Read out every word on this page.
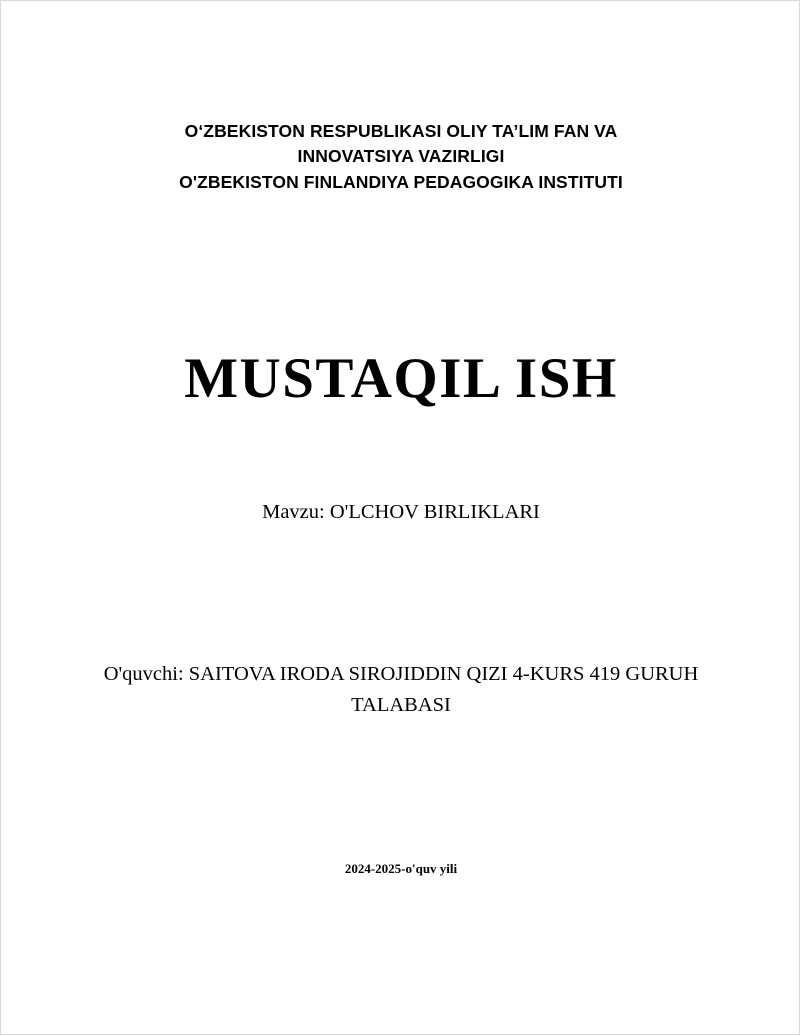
O‘ZBEKISTON RESPUBLIKASI OLIY TA’LIM FAN VA
INNOVATSIYA VAZIRLIGI
O'ZBEKISTON FINLANDIYA PEDAGOGIKA INSTITUTI
MUSTAQIL ISH
Mavzu: O'LCHOV BIRLIKLARI
O'quvchi: SAITOVA IRODA SIROJIDDIN QIZI 4-KURS 419 GURUH
TALABASI
2024-2025-o'quv yili
